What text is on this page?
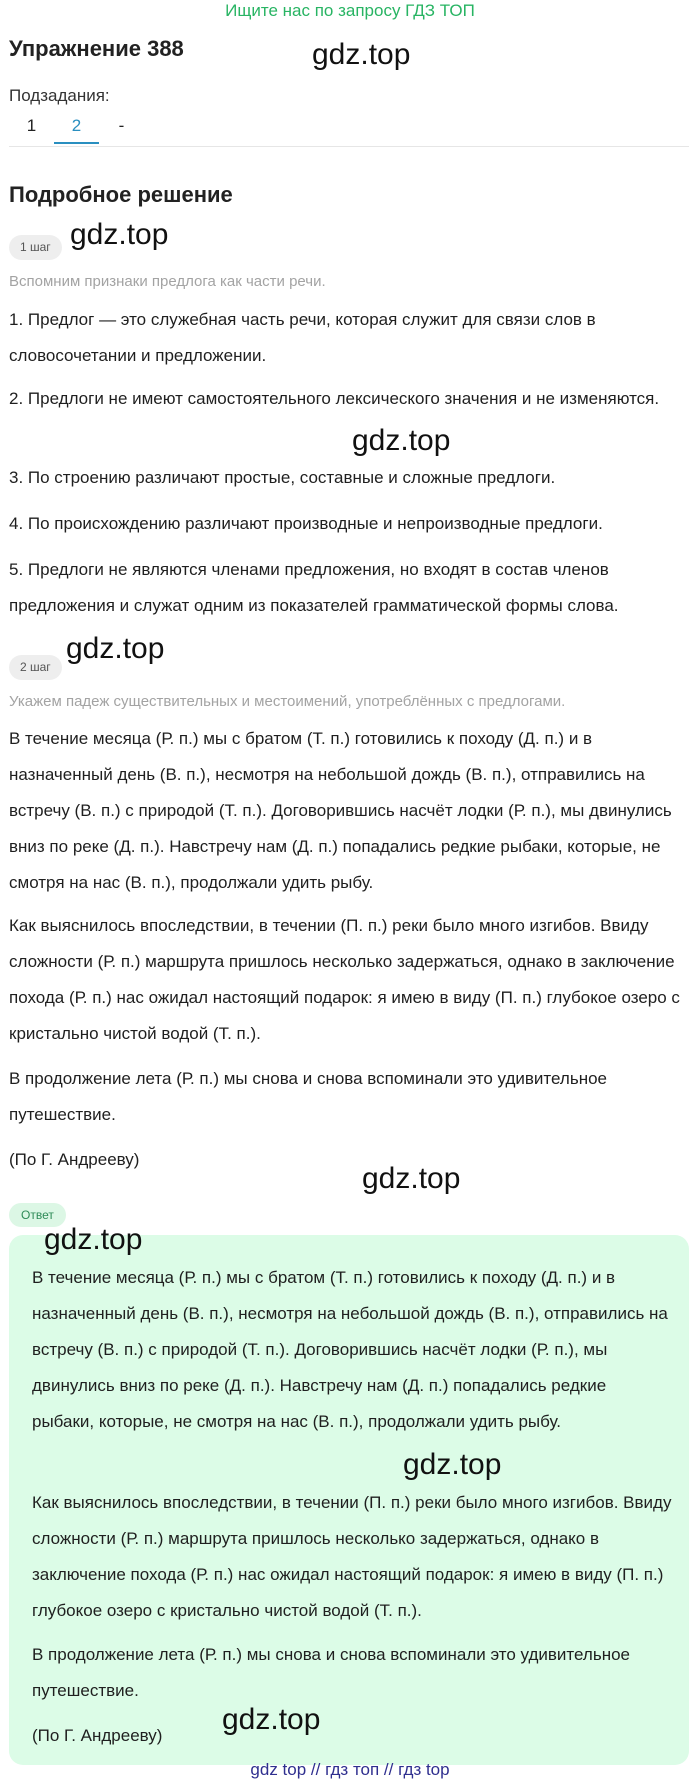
Ищите нас по запросу ГДЗ ТОП
Упражнение 388	gdz.top
Подзадания:
1	2	-
Подробное решение
1 шаг gdz.top
Вспомним признаки предлога как части речи.

1. Предлог — это служебная часть речи, которая служит для связи слов в словосочетании и предложении.

2. Предлоги не имеют самостоятельного лексического значения и не изменяются.

gdz.top

3. По строению различают простые, составные и сложные предлоги.

4. По происхождению различают производные и непроизводные предлоги.

5. Предлоги не являются членами предложения, но входят в состав членов предложения и служат одним из показателей грамматической формы слова.

2 шаг
gdz.top
Укажем падеж существительных и местоимений, употреблённых с предлогами.

В течение месяца (Р. п.) мы с братом (Т. п.) готовились к походу (Д. п.) и в назначенный день (В. п.), несмотря на небольшой дождь (В. п.), отправились на встречу (В. п.) с природой (Т. п.). Договорившись насчёт лодки (Р. п.), мы двинулись вниз по реке (Д. п.). Навстречу нам (Д. п.) попадались редкие рыбаки, которые, не смотря на нас (В. п.), продолжали удить рыбу.

Как выяснилось впоследствии, в течении (П. п.) реки было много изгибов. Ввиду сложности (Р. п.) маршрута пришлось несколько задержаться, однако в заключение похода (Р. п.) нас ожидал настоящий подарок: я имею в виду (П. п.) глубокое озеро с кристально чистой водой (Т. п.).

В продолжение лета (Р. п.) мы снова и снова вспоминали это удивительное путешествие.

(По Г. Андрееву)

gdz.top
Ответ
gdz.top

В течение месяца (Р. п.) мы с братом (Т. п.) готовились к походу (Д. п.) и в назначенный день (В. п.), несмотря на небольшой дождь (В. п.), отправились на встречу (В. п.) с природой (Т. п.). Договорившись насчёт лодки (Р. п.), мы двинулись вниз по реке (Д. п.). Навстречу нам (Д. п.) попадались редкие рыбаки, которые, не смотря на нас (В. п.), продолжали удить рыбу.

gdz.top

Как выяснилось впоследствии, в течении (П. п.) реки было много изгибов. Ввиду сложности (Р. п.) маршрута пришлось несколько задержаться, однако в заключение похода (Р. п.) нас ожидал настоящий подарок: я имею в виду (П. п.) глубокое озеро с кристально чистой водой (Т. п.).

В продолжение лета (Р. п.) мы снова и снова вспоминали это удивительное путешествие.

gdz.top

(По Г. Андрееву)

gdz top // гдз топ // гдз top
